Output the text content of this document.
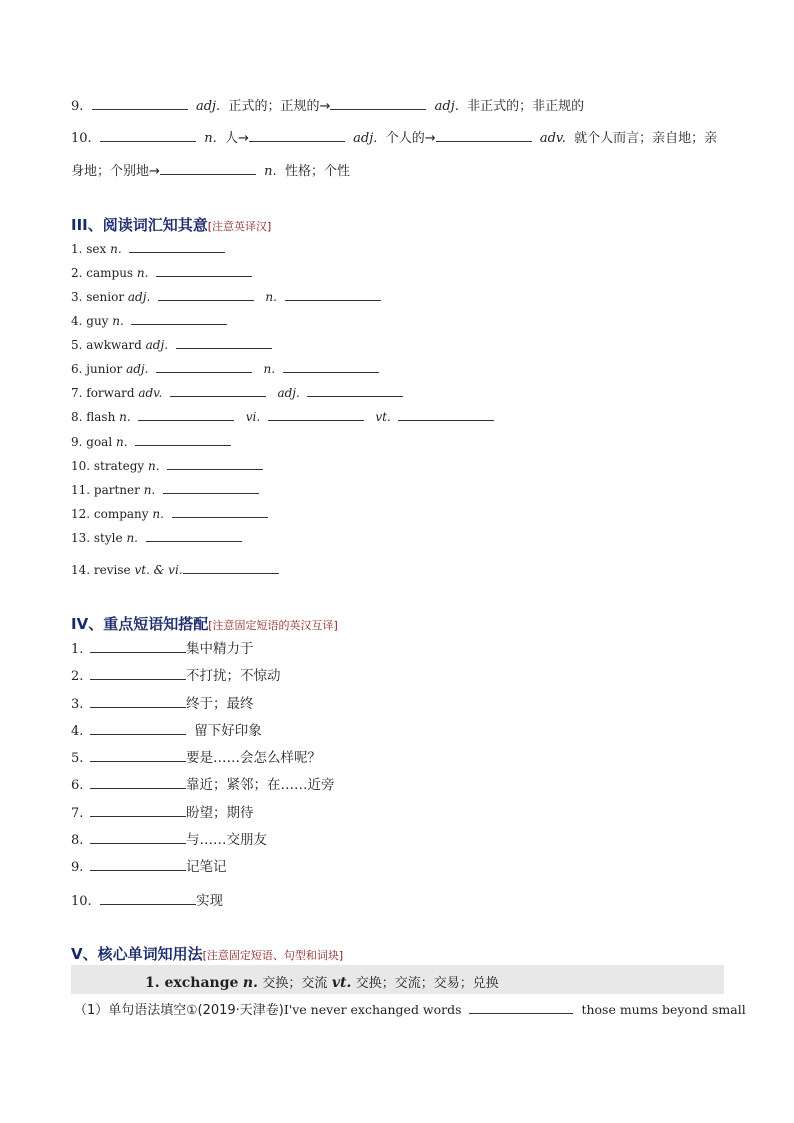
9.	adj. 正式的；正规的→	adj. 非正式的；非正规的
10.	n. 人→	adj. 个人的→	adv. 就个人而言；亲自地；亲身地；个别地→	n. 性格；个性
III、阅读词汇知其意[注意英译汉]
1. sex n.
2. campus n.
3. senior adj.	n.
4. guy n.
5. awkward adj.
6. junior adj.	n.
7. forward adv.	adj.
8. flash n.	vi.	vt.
9. goal n.
10. strategy n.
11. partner n.
12. company n.
13. style n.
14. revise vt. & vi.
IV、重点短语知搭配[注意固定短语的英汉互译]
1.	集中精力于
2.	不打扰；不惊动
3.	终于；最终
4.	留下好印象
5.	要是……会怎么样呢？
6.	靠近；紧邻；在……近旁
7.	盼望；期待
8.	与……交朋友
9.	记笔记
10.	实现
V、核心单词知用法[注意固定短语、句型和词块]
1. exchange n. 交换；交流 vt. 交换；交流；交易；兑换
（1）单句语法填空①(2019·天津卷)I've never exchanged words	those mums beyond small
